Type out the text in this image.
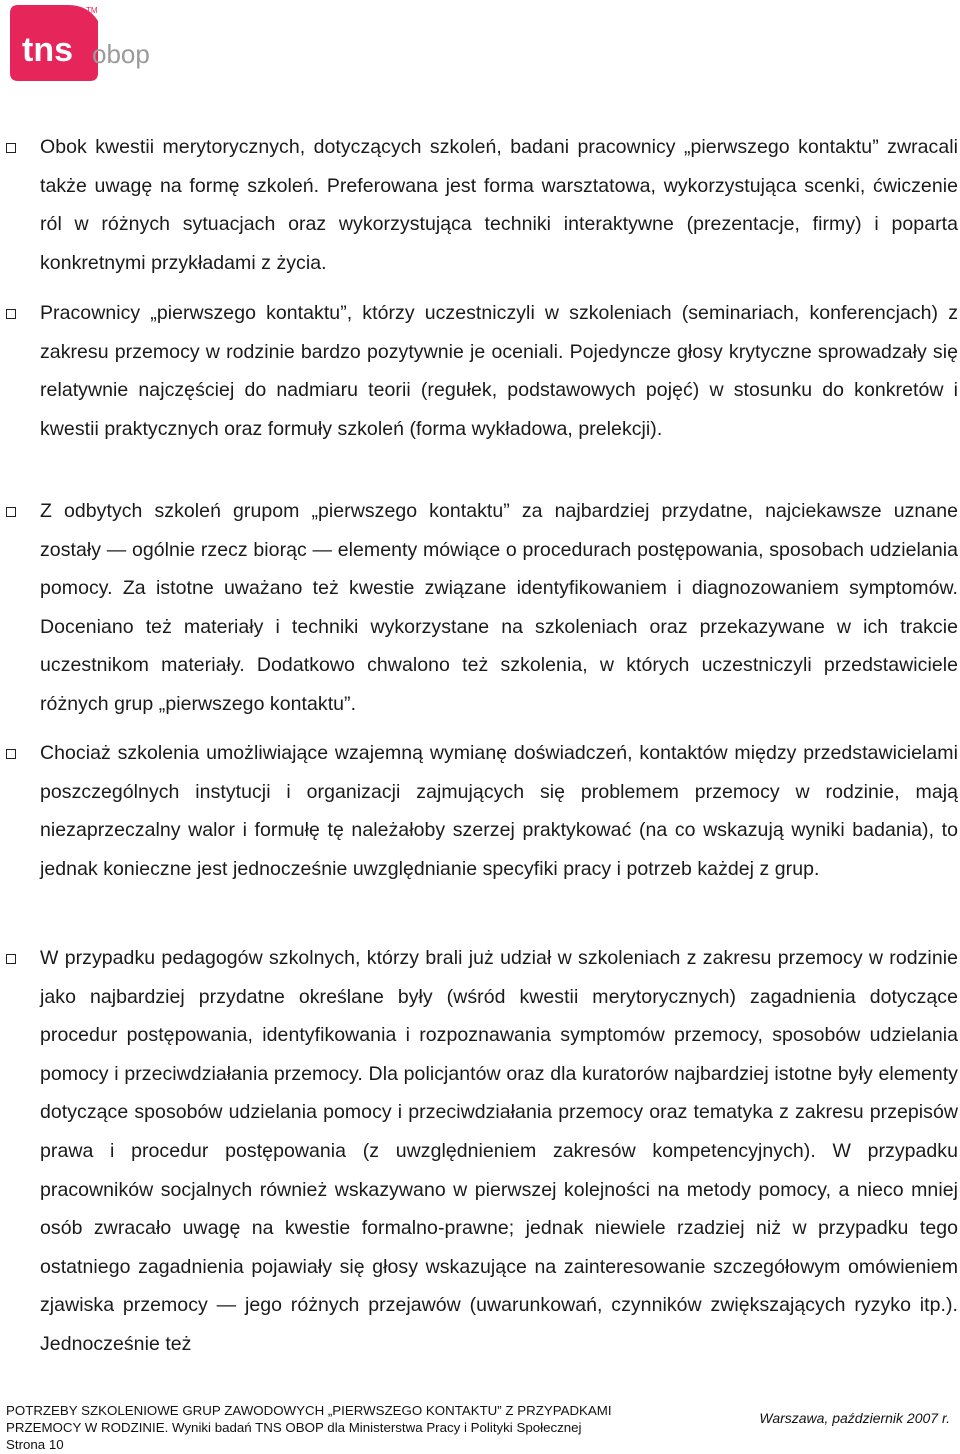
tns
TM
obop

Obok kwestii merytorycznych, dotyczących szkoleń, badani pracownicy „pierwszego kontaktu” zwracali także uwagę na formę szkoleń. Preferowana jest forma warsztatowa, wykorzystująca scenki, ćwiczenie ról w różnych sytuacjach oraz wykorzystująca techniki interaktywne (prezentacje, firmy) i poparta konkretnymi przykładami z życia.

Pracownicy „pierwszego kontaktu”, którzy uczestniczyli w szkoleniach (seminariach, konferencjach) z zakresu przemocy w rodzinie bardzo pozytywnie je oceniali. Pojedyncze głosy krytyczne sprowadzały się relatywnie najczęściej do nadmiaru teorii (regułek, podstawowych pojęć) w stosunku do konkretów i kwestii praktycznych oraz formuły szkoleń (forma wykładowa, prelekcji).

Z odbytych szkoleń grupom „pierwszego kontaktu” za najbardziej przydatne, najciekawsze uznane zostały — ogólnie rzecz biorąc — elementy mówiące o procedurach postępowania, sposobach udzielania pomocy. Za istotne uważano też kwestie związane identyfikowaniem i diagnozowaniem symptomów. Doceniano też materiały i techniki wykorzystane na szkoleniach oraz przekazywane w ich trakcie uczestnikom materiały. Dodatkowo chwalono też szkolenia, w których uczestniczyli przedstawiciele różnych grup „pierwszego kontaktu”.

Chociaż szkolenia umożliwiające wzajemną wymianę doświadczeń, kontaktów między przedstawicielami poszczególnych instytucji i organizacji zajmujących się problemem przemocy w rodzinie, mają niezaprzeczalny walor i formułę tę należałoby szerzej praktykować (na co wskazują wyniki badania), to jednak konieczne jest jednocześnie uwzględnianie specyfiki pracy i potrzeb każdej z grup.

W przypadku pedagogów szkolnych, którzy brali już udział w szkoleniach z zakresu przemocy w rodzinie jako najbardziej przydatne określane były (wśród kwestii merytorycznych) zagadnienia dotyczące procedur postępowania, identyfikowania i rozpoznawania symptomów przemocy, sposobów udzielania pomocy i przeciwdziałania przemocy. Dla policjantów oraz dla kuratorów najbardziej istotne były elementy dotyczące sposobów udzielania pomocy i przeciwdziałania przemocy oraz tematyka z zakresu przepisów prawa i procedur postępowania (z uwzględnieniem zakresów kompetencyjnych). W przypadku pracowników socjalnych również wskazywano w pierwszej kolejności na metody pomocy, a nieco mniej osób zwracało uwagę na kwestie formalno-prawne; jednak niewiele rzadziej niż w przypadku tego ostatniego zagadnienia pojawiały się głosy wskazujące na zainteresowanie szczegółowym omówieniem zjawiska przemocy — jego różnych przejawów (uwarunkowań, czynników zwiększających ryzyko itp.). Jednocześnie też

POTRZEBY SZKOLENIOWE GRUP ZAWODOWYCH „PIERWSZEGO KONTAKTU” Z PRZYPADKAMI
PRZEMOCY W RODZINIE. Wyniki badań TNS OBOP dla Ministerstwa Pracy i Polityki Społecznej
Strona 10
Warszawa, październik 2007 r.
